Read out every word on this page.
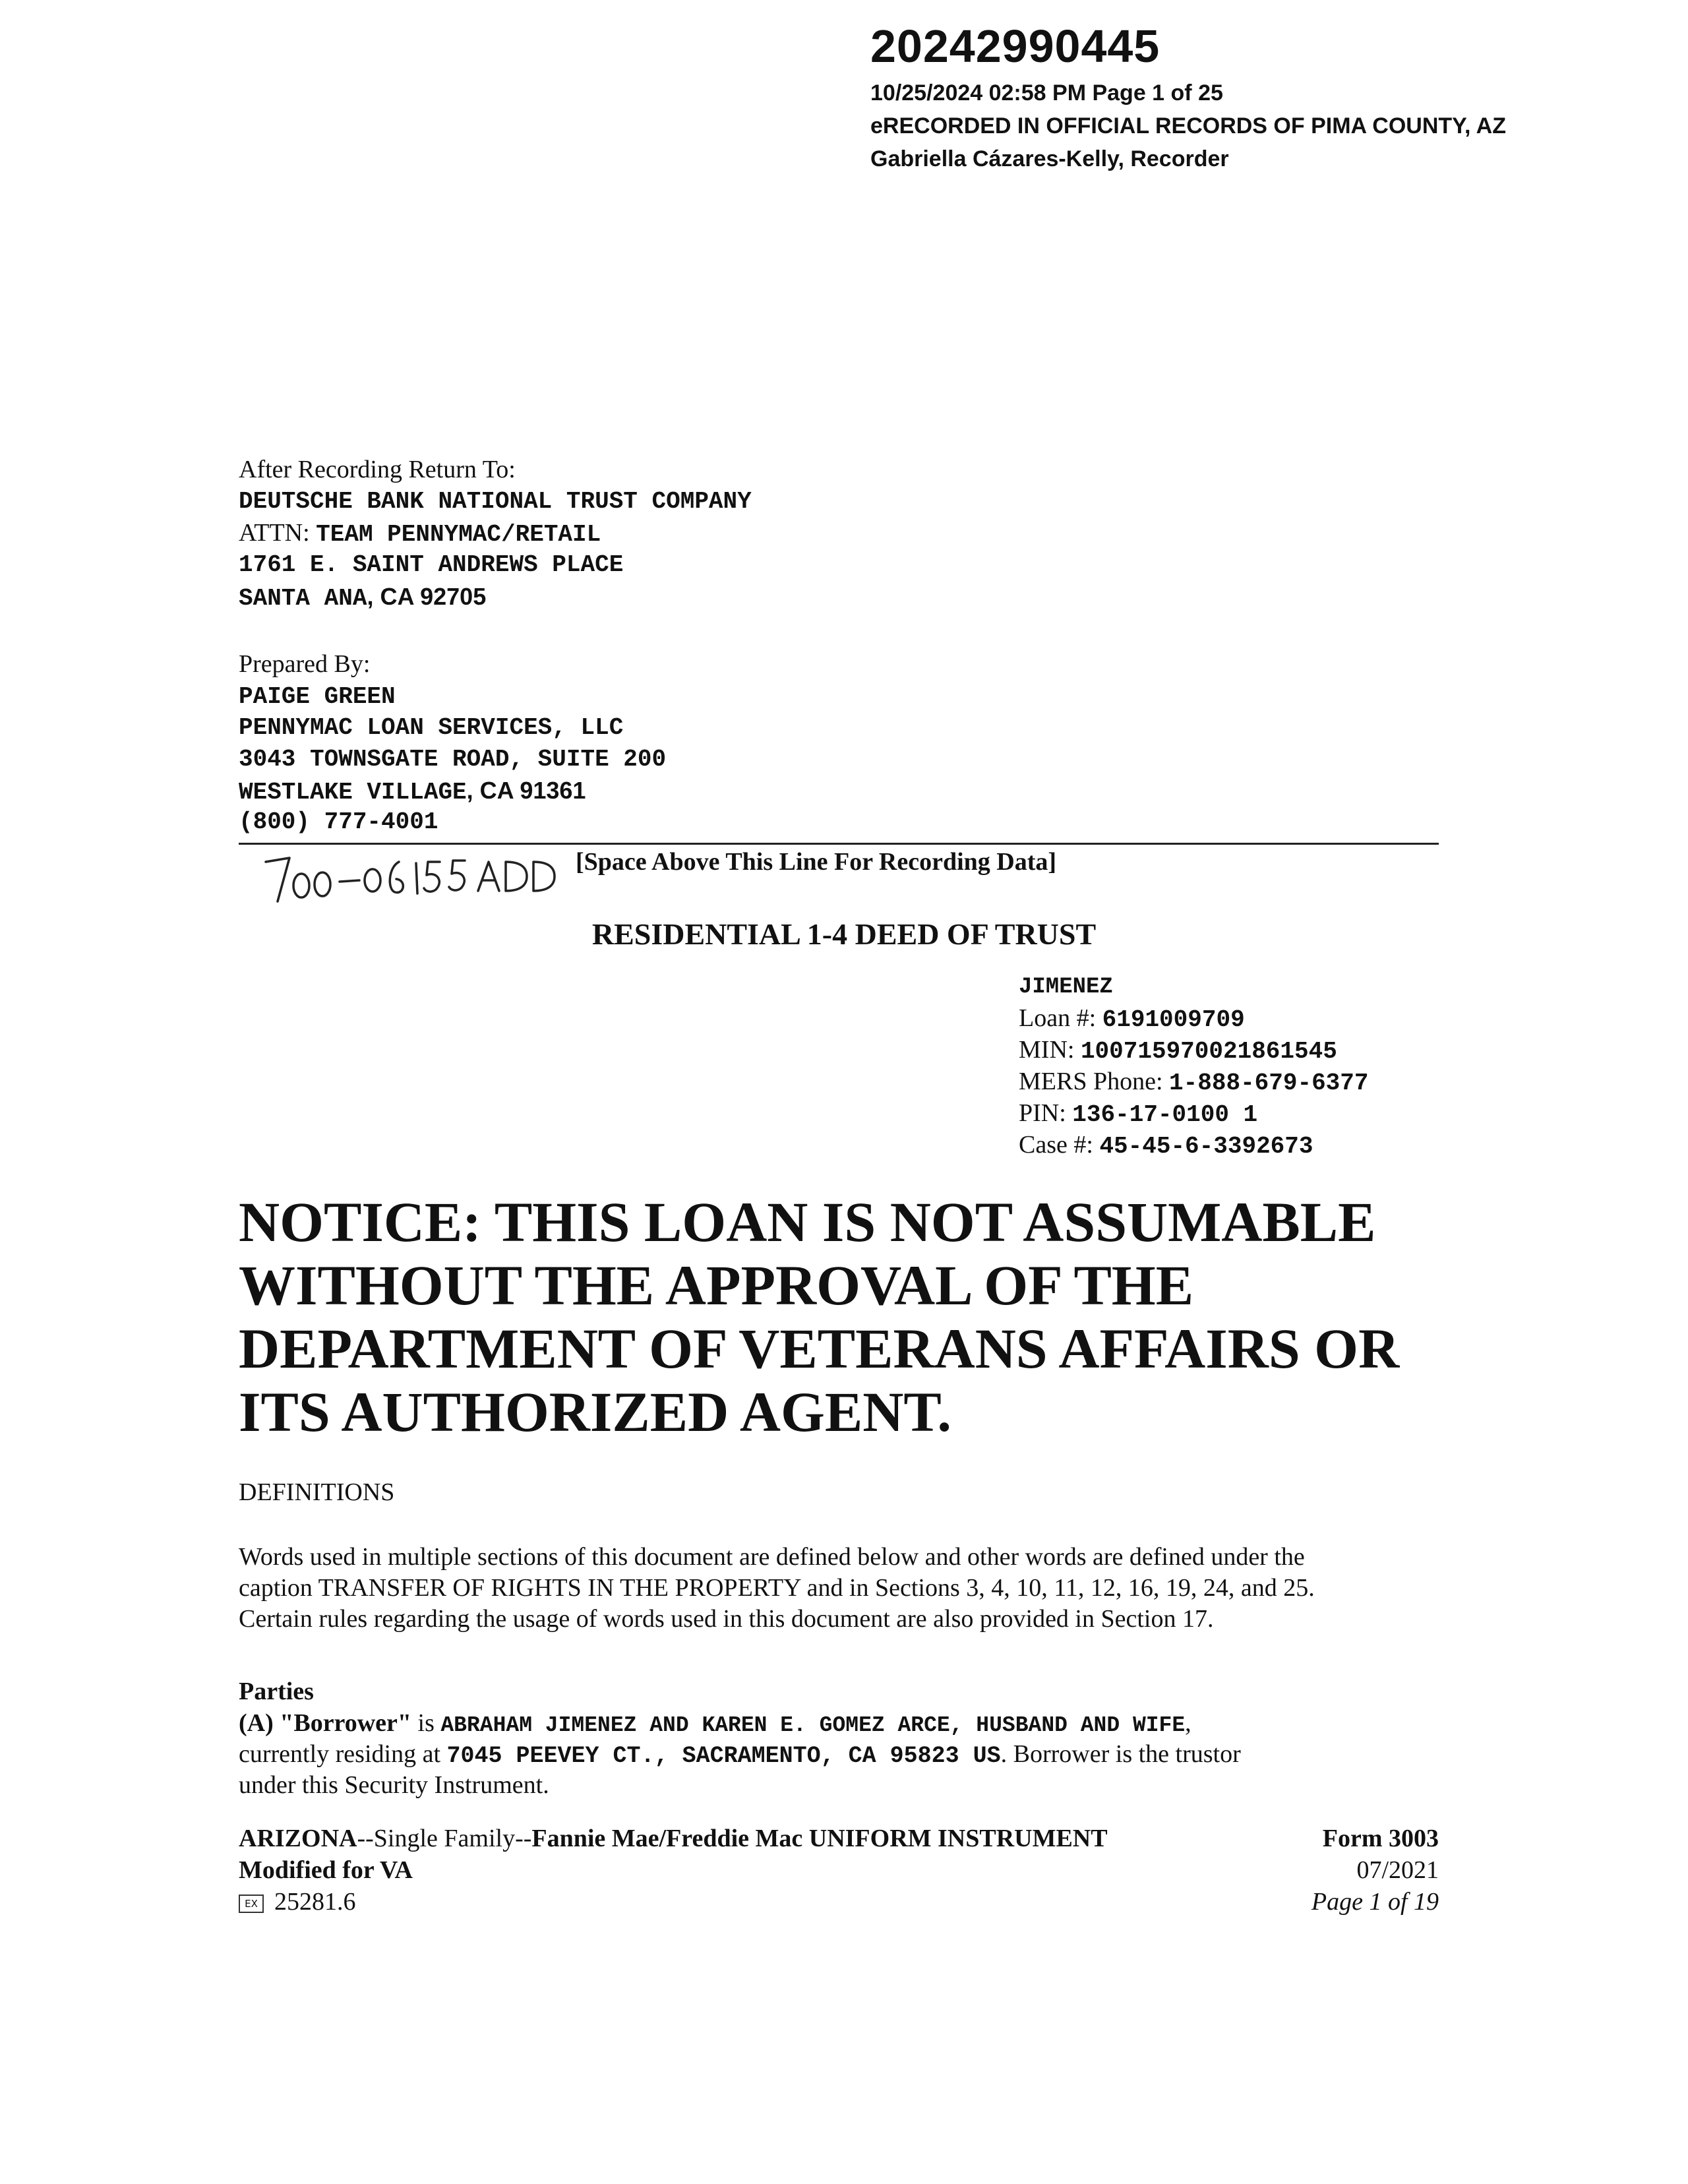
20242990445
10/25/2024 02:58 PM Page 1 of 25
eRECORDED IN OFFICIAL RECORDS OF PIMA COUNTY, AZ
Gabriella Cázares-Kelly, Recorder
After Recording Return To:
DEUTSCHE BANK NATIONAL TRUST COMPANY
ATTN: TEAM PENNYMAC/RETAIL
1761 E. SAINT ANDREWS PLACE
SANTA ANA, CA 92705
Prepared By:
PAIGE GREEN
PENNYMAC LOAN SERVICES, LLC
3043 TOWNSGATE ROAD, SUITE 200
WESTLAKE VILLAGE, CA 91361
(800) 777-4001
[Space Above This Line For Recording Data]
RESIDENTIAL 1-4 DEED OF TRUST
JIMENEZ
Loan #: 6191009709
MIN: 100715970021861545
MERS Phone: 1-888-679-6377
PIN: 136-17-0100 1
Case #: 45-45-6-3392673
NOTICE: THIS LOAN IS NOT ASSUMABLE WITHOUT THE APPROVAL OF THE DEPARTMENT OF VETERANS AFFAIRS OR ITS AUTHORIZED AGENT.
DEFINITIONS
Words used in multiple sections of this document are defined below and other words are defined under the
caption TRANSFER OF RIGHTS IN THE PROPERTY and in Sections 3, 4, 10, 11, 12, 16, 19, 24, and 25.
Certain rules regarding the usage of words used in this document are also provided in Section 17.
Parties
(A) "Borrower" is ABRAHAM JIMENEZ AND KAREN E. GOMEZ ARCE, HUSBAND AND WIFE,
currently residing at 7045 PEEVEY CT., SACRAMENTO, CA 95823 US. Borrower is the trustor
under this Security Instrument.
ARIZONA--Single Family--Fannie Mae/Freddie Mac UNIFORM INSTRUMENT
Modified for VA
EX 25281.6
Form 3003
07/2021
Page 1 of 19
